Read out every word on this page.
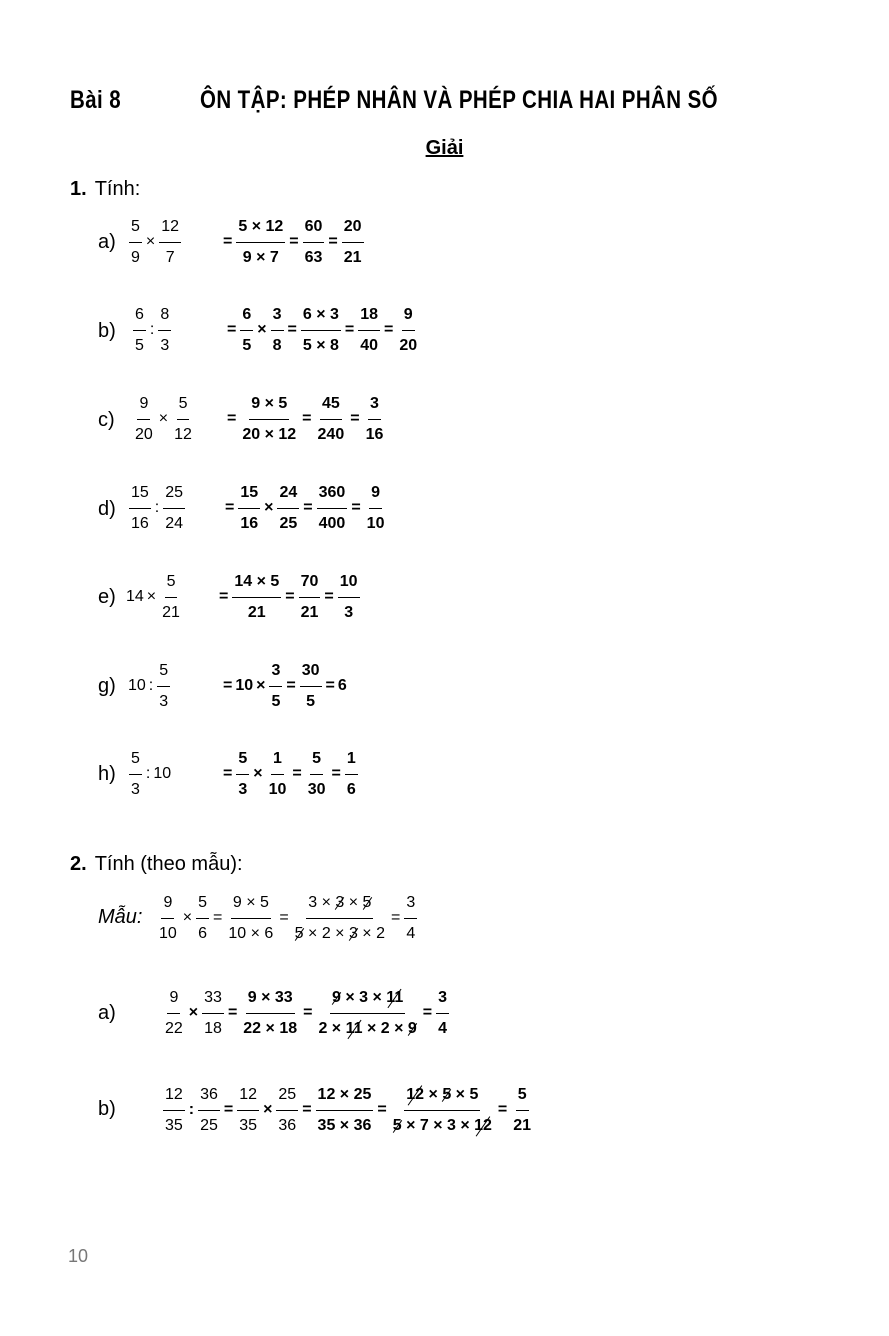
Bài 8	ÔN TẬP: PHÉP NHÂN VÀ PHÉP CHIA HAI PHÂN SỐ
Giải
1. Tính:
$a) \frac{5}{9} \times \frac{12}{7}$	= $\frac{5 \times 12}{9 \times 7} = \frac{60}{63} = \frac{20}{21}$
$b) \frac{6}{5}$ : $\frac{8}{3}$	= $\frac{6}{5} \times \frac{3}{8} = \frac{6 \times 3}{5 \times 8} = \frac{18}{40} = \frac{9}{20}$
$c) \frac{9}{20} \times \frac{5}{12} = \frac{9 \times 5}{20 \times 12} = \frac{45}{240} = \frac{3}{16}$
$d) \frac{15}{16}$ : $\frac{25}{24} = \frac{15}{16} \times \frac{24}{25} = \frac{360}{400} = \frac{9}{10}$
e) $14 \times \frac{5}{21} = \frac{14 \times 5}{21} = \frac{70}{21} = \frac{10}{3}$
g) 10 : $\frac{5}{3}$	= $10 \times \frac{3}{5} = \frac{30}{5} = 6$
$h) \frac{5}{3}$ : 10	= $\frac{5}{3} \times \frac{1}{10} = \frac{5}{30} = \frac{1}{6}$
2. Tính (theo mẫu):
Mẫu: $\frac{9}{10} \times \frac{5}{6} = \frac{9 \times 5}{10 \times 6} = \frac{3 \times 3 \times 5}{5 \times 2 \times 3 \times 2} = \frac{3}{4}$
a)	$\frac{9}{22} \times \frac{33}{18} = \frac{9 \times 33}{22 \times 18} = \frac{9 \times 3 \times 11}{2 \times 11 \times 2 \times 9} = \frac{3}{4}$
b)	$\frac{12}{35}$ : $\frac{36}{25} = \frac{12}{35} \times \frac{25}{36} = \frac{12 \times 25}{35 \times 36} = \frac{12 \times 5 \times 5}{5 \times 7 \times 3 \times 12} = \frac{5}{21}$
10
